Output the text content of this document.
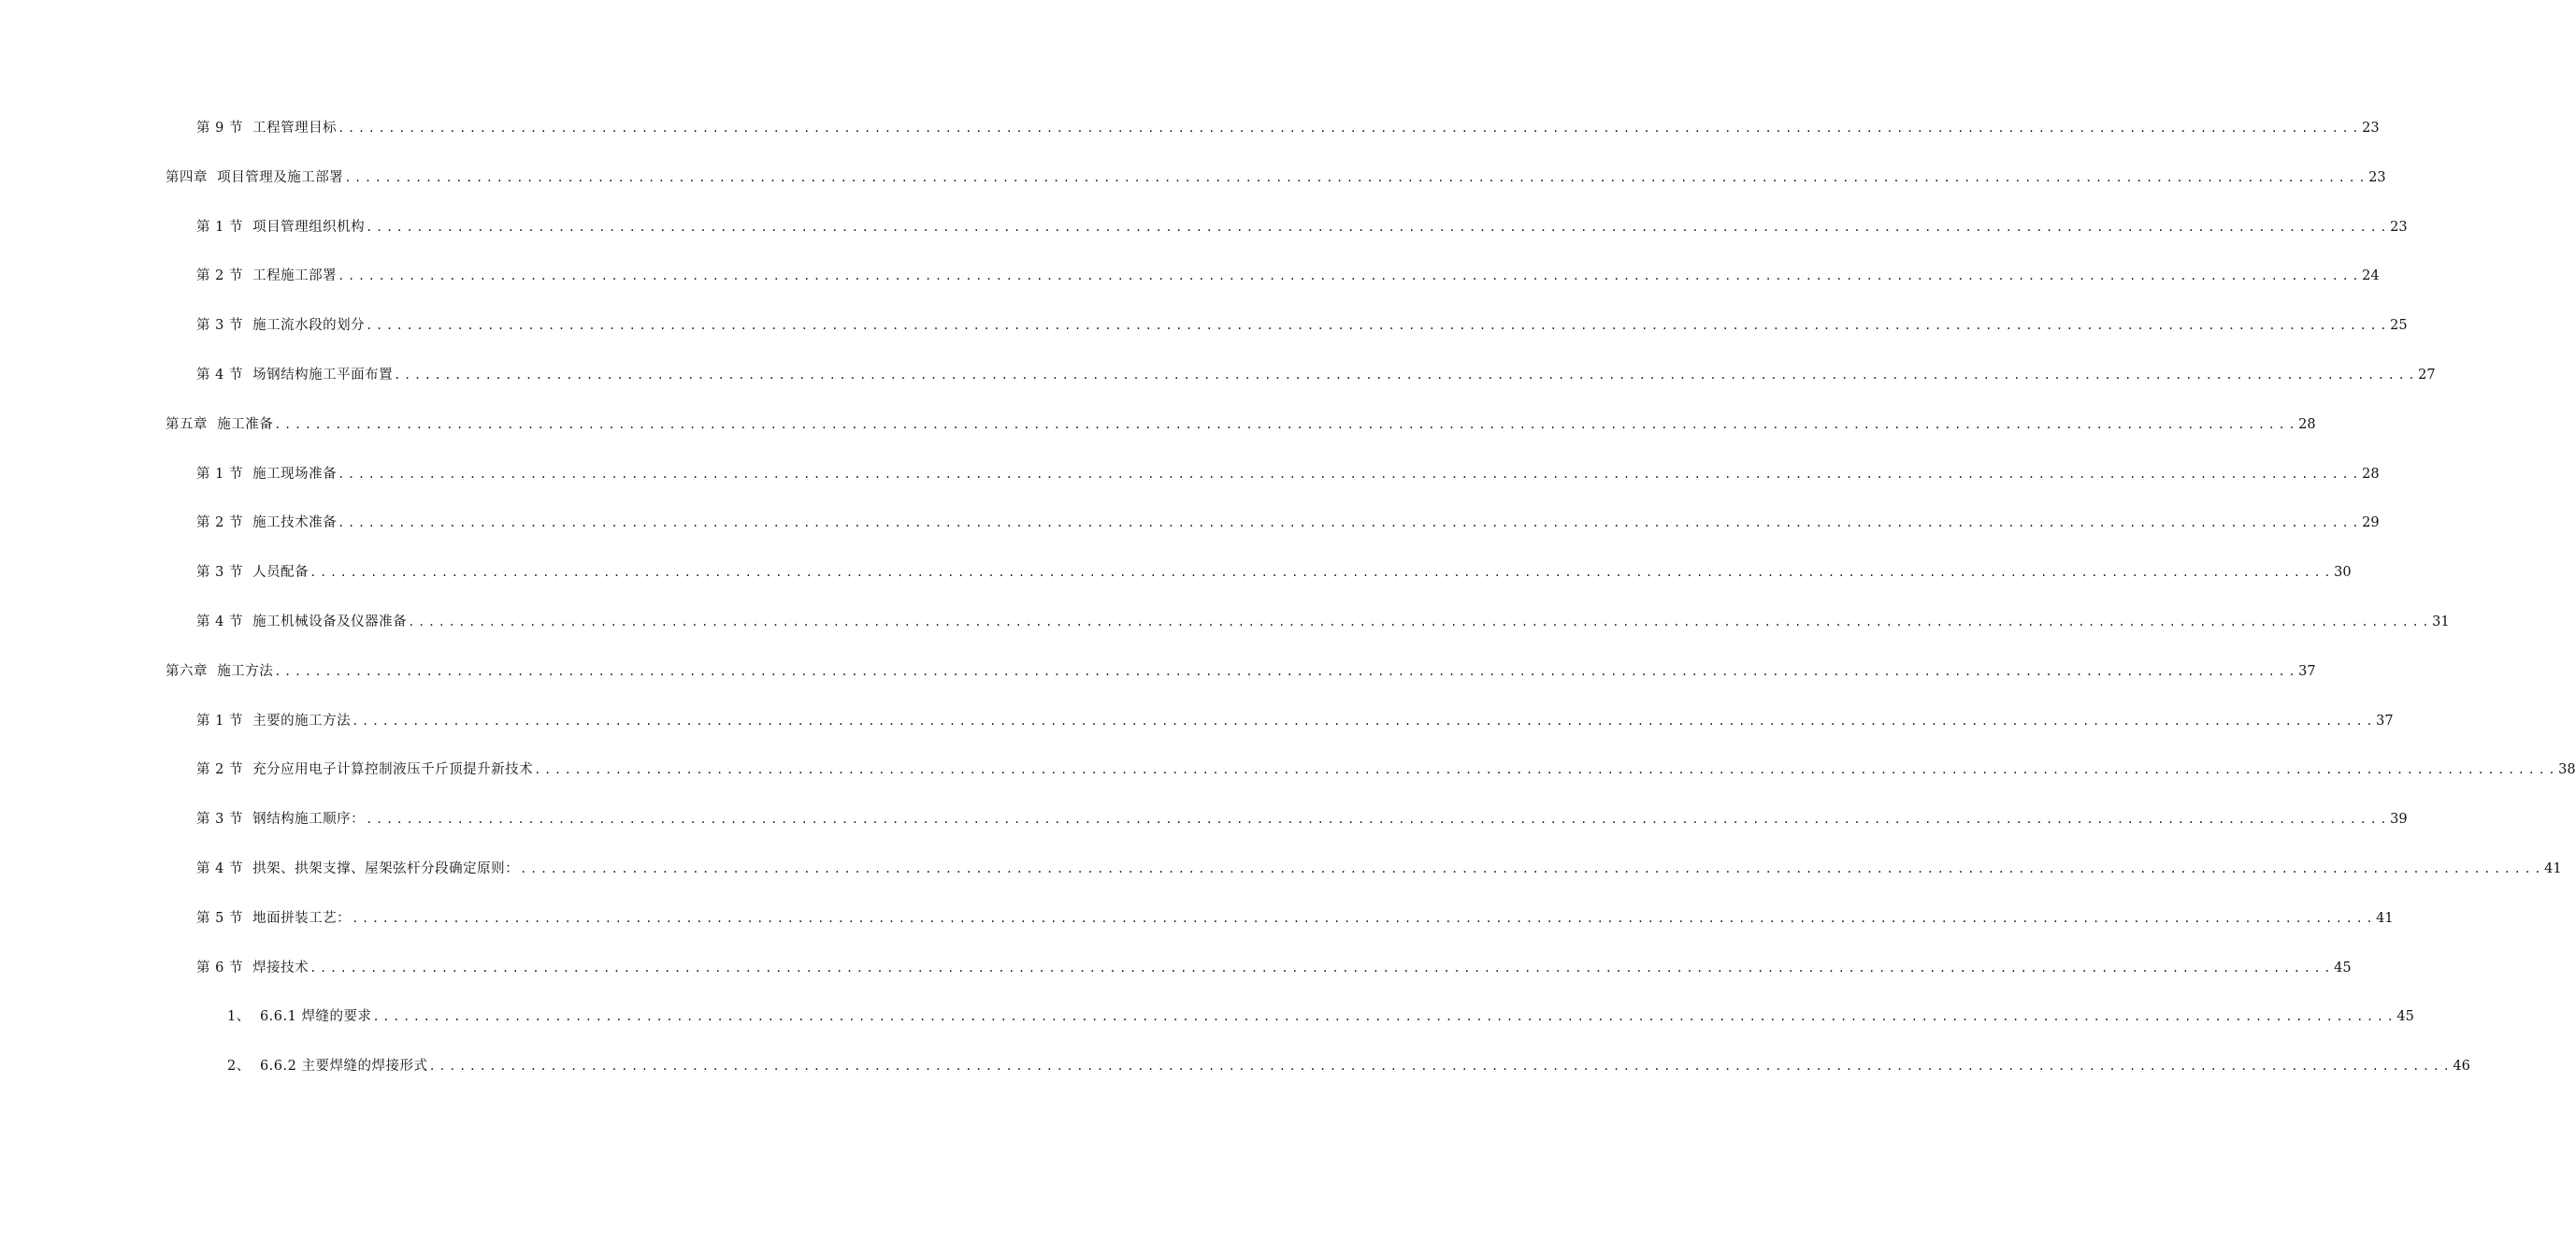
第 9 节 工程管理目标 ........................................................................................................................................................................................................ 23
第四章 项目管理及施工部署 ........................................................................................................................................................................................................ 23
第 1 节 项目管理组织机构 ........................................................................................................................................................................................................ 23
第 2 节 工程施工部署 ........................................................................................................................................................................................................ 24
第 3 节 施工流水段的划分 ........................................................................................................................................................................................................ 25
第 4 节 场钢结构施工平面布置 ........................................................................................................................................................................................................ 27
第五章 施工准备 ........................................................................................................................................................................................................ 28
第 1 节 施工现场准备 ........................................................................................................................................................................................................ 28
第 2 节 施工技术准备 ........................................................................................................................................................................................................ 29
第 3 节 人员配备 ........................................................................................................................................................................................................ 30
第 4 节 施工机械设备及仪器准备 ........................................................................................................................................................................................................ 31
第六章 施工方法 ........................................................................................................................................................................................................ 37
第 1 节 主要的施工方法 ........................................................................................................................................................................................................ 37
第 2 节 充分应用电子计算控制液压千斤顶提升新技术 ........................................................................................................................................................................................................ 38
第 3 节 钢结构施工顺序： ........................................................................................................................................................................................................ 39
第 4 节 拱架、拱架支撑、屋架弦杆分段确定原则： ........................................................................................................................................................................................................ 41
第 5 节 地面拼装工艺： ........................................................................................................................................................................................................ 41
第 6 节 焊接技术 ........................................................................................................................................................................................................ 45
1、 6.6.1 焊缝的要求 ........................................................................................................................................................................................................ 45
2、 6.6.2 主要焊缝的焊接形式 ........................................................................................................................................................................................................ 46
